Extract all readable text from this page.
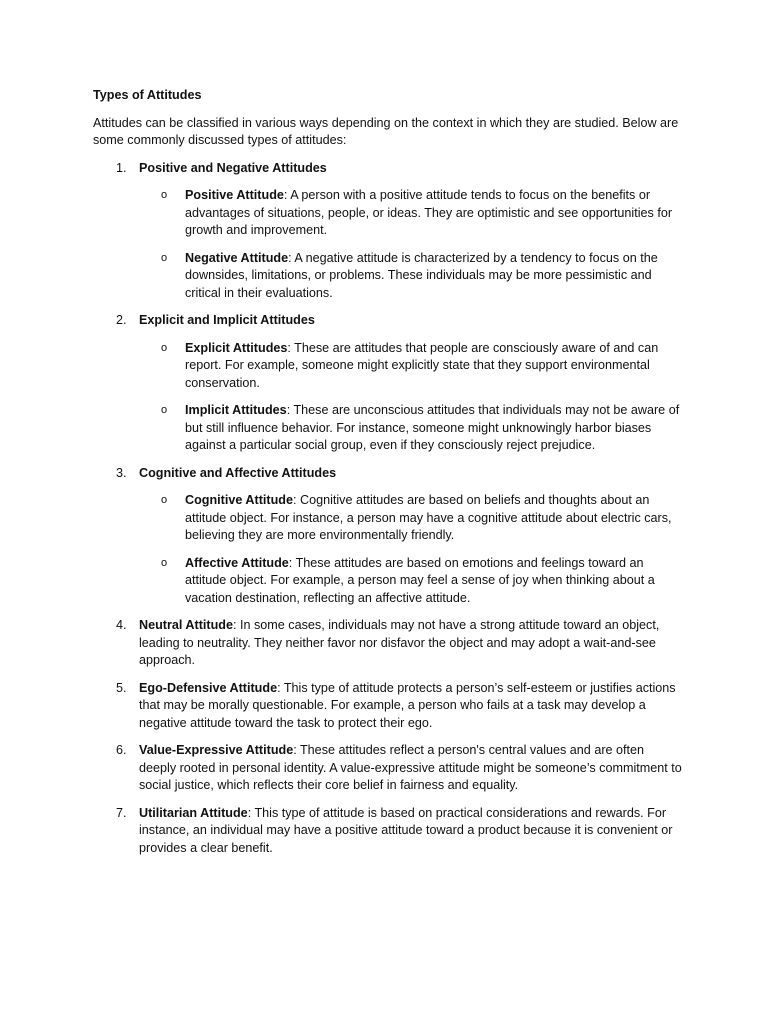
Types of Attitudes

Attitudes can be classified in various ways depending on the context in which they are studied. Below are some commonly discussed types of attitudes:

1. Positive and Negative Attitudes
o Positive Attitude: A person with a positive attitude tends to focus on the benefits or advantages of situations, people, or ideas. They are optimistic and see opportunities for growth and improvement.
o Negative Attitude: A negative attitude is characterized by a tendency to focus on the downsides, limitations, or problems. These individuals may be more pessimistic and critical in their evaluations.
2. Explicit and Implicit Attitudes
o Explicit Attitudes: These are attitudes that people are consciously aware of and can report. For example, someone might explicitly state that they support environmental conservation.
o Implicit Attitudes: These are unconscious attitudes that individuals may not be aware of but still influence behavior. For instance, someone might unknowingly harbor biases against a particular social group, even if they consciously reject prejudice.
3. Cognitive and Affective Attitudes
o Cognitive Attitude: Cognitive attitudes are based on beliefs and thoughts about an attitude object. For instance, a person may have a cognitive attitude about electric cars, believing they are more environmentally friendly.
o Affective Attitude: These attitudes are based on emotions and feelings toward an attitude object. For example, a person may feel a sense of joy when thinking about a vacation destination, reflecting an affective attitude.
4. Neutral Attitude: In some cases, individuals may not have a strong attitude toward an object, leading to neutrality. They neither favor nor disfavor the object and may adopt a wait-and-see approach.
5. Ego-Defensive Attitude: This type of attitude protects a person’s self-esteem or justifies actions that may be morally questionable. For example, a person who fails at a task may develop a negative attitude toward the task to protect their ego.
6. Value-Expressive Attitude: These attitudes reflect a person's central values and are often deeply rooted in personal identity. A value-expressive attitude might be someone’s commitment to social justice, which reflects their core belief in fairness and equality.
7. Utilitarian Attitude: This type of attitude is based on practical considerations and rewards. For instance, an individual may have a positive attitude toward a product because it is convenient or provides a clear benefit.
